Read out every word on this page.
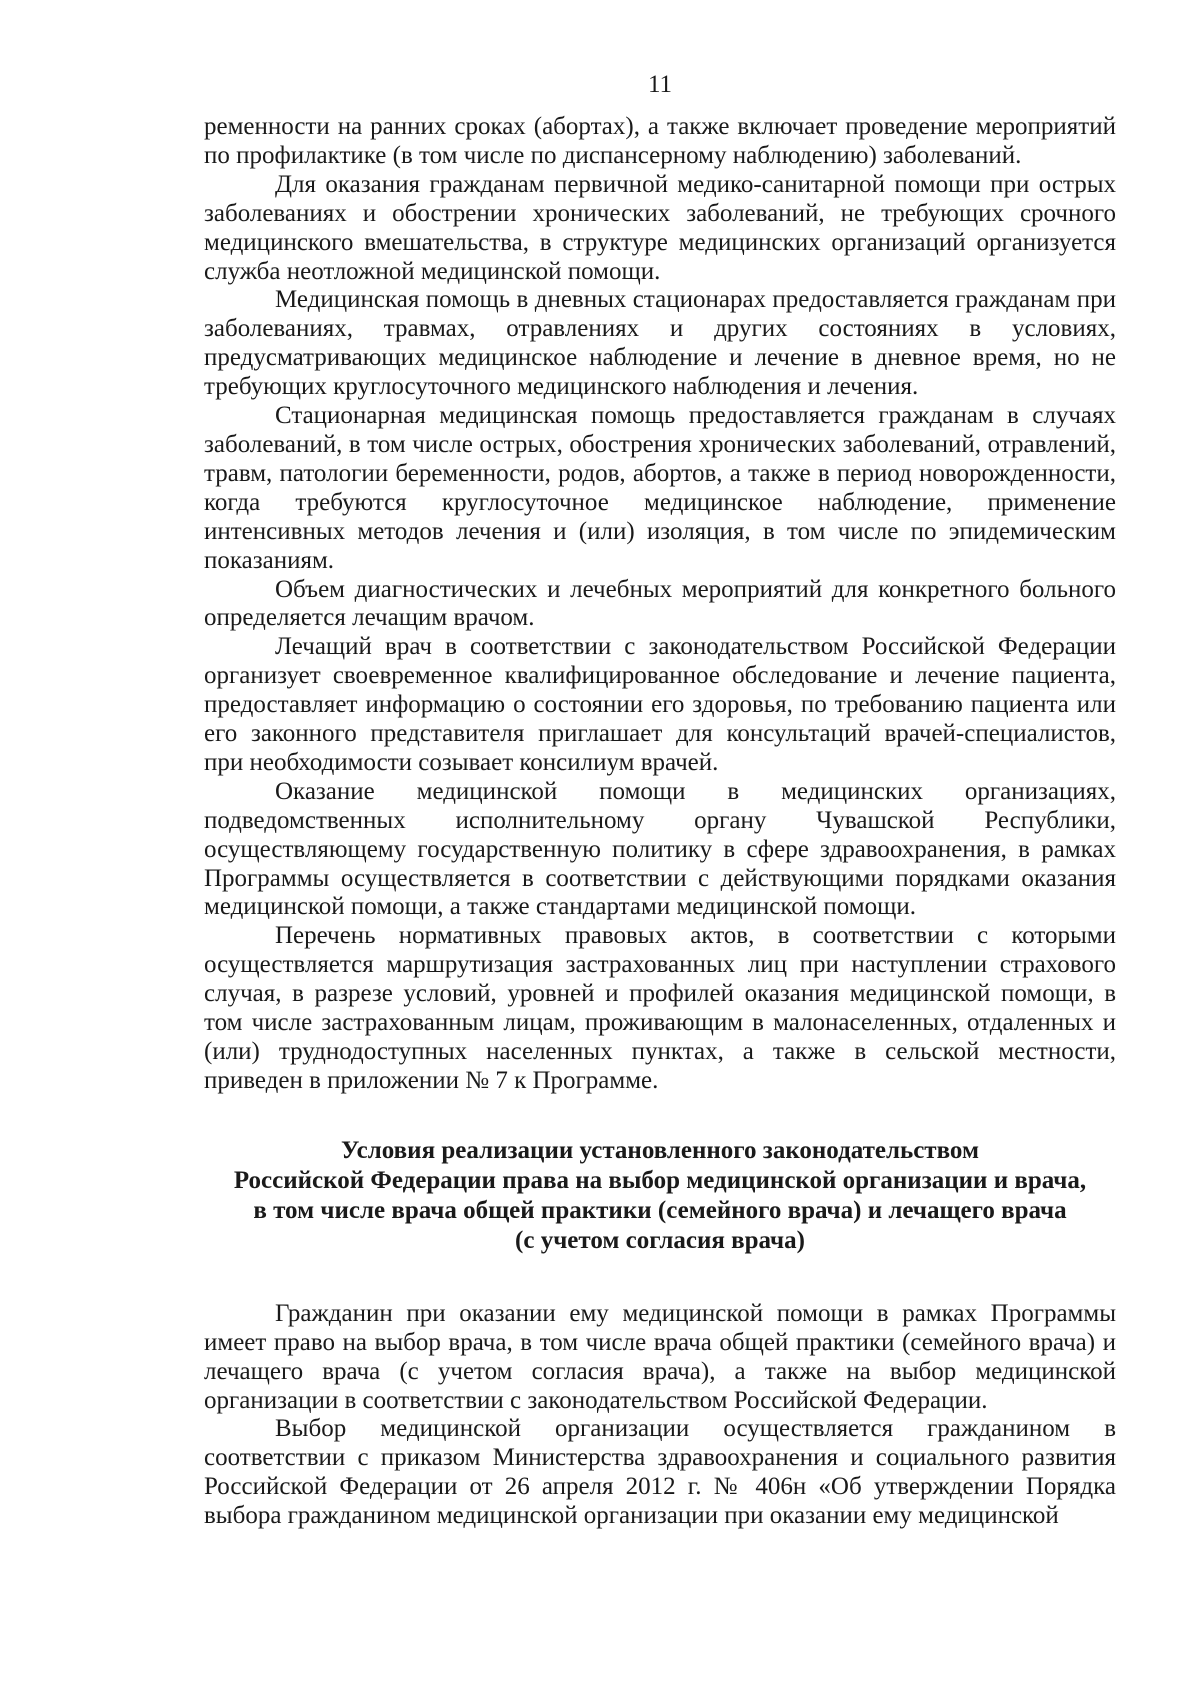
11

ременности на ранних сроках (абортах), а также включает проведение мероприятий по профилактике (в том числе по диспансерному наблюдению) заболеваний.

Для оказания гражданам первичной медико-санитарной помощи при острых заболеваниях и обострении хронических заболеваний, не требующих срочного медицинского вмешательства, в структуре медицинских организаций организуется служба неотложной медицинской помощи.

Медицинская помощь в дневных стационарах предоставляется гражданам при заболеваниях, травмах, отравлениях и других состояниях в условиях, предусматривающих медицинское наблюдение и лечение в дневное время, но не требующих круглосуточного медицинского наблюдения и лечения.

Стационарная медицинская помощь предоставляется гражданам в случаях заболеваний, в том числе острых, обострения хронических заболеваний, отравлений, травм, патологии беременности, родов, абортов, а также в период новорожденности, когда требуются круглосуточное медицинское наблюдение, применение интенсивных методов лечения и (или) изоляция, в том числе по эпидемическим показаниям.

Объем диагностических и лечебных мероприятий для конкретного больного определяется лечащим врачом.

Лечащий врач в соответствии с законодательством Российской Федерации организует своевременное квалифицированное обследование и лечение пациента, предоставляет информацию о состоянии его здоровья, по требованию пациента или его законного представителя приглашает для консультаций врачей-специалистов, при необходимости созывает консилиум врачей.

Оказание медицинской помощи в медицинских организациях, подведомственных исполнительному органу Чувашской Республики, осуществляющему государственную политику в сфере здравоохранения, в рамках Программы осуществляется в соответствии с действующими порядками оказания медицинской помощи, а также стандартами медицинской помощи.

Перечень нормативных правовых актов, в соответствии с которыми осуществляется маршрутизация застрахованных лиц при наступлении страхового случая, в разрезе условий, уровней и профилей оказания медицинской помощи, в том числе застрахованным лицам, проживающим в малонаселенных, отдаленных и (или) труднодоступных населенных пунктах, а также в сельской местности, приведен в приложении № 7 к Программе.

Условия реализации установленного законодательством
Российской Федерации права на выбор медицинской организации и врача,
в том числе врача общей практики (семейного врача) и лечащего врача
(с учетом согласия врача)

Гражданин при оказании ему медицинской помощи в рамках Программы имеет право на выбор врача, в том числе врача общей практики (семейного врача) и лечащего врача (с учетом согласия врача), а также на выбор медицинской организации в соответствии с законодательством Российской Федерации.

Выбор медицинской организации осуществляется гражданином в соответствии с приказом Министерства здравоохранения и социального развития Российской Федерации от 26 апреля 2012 г. № 406н «Об утверждении Порядка выбора гражданином медицинской организации при оказании ему медицинской
